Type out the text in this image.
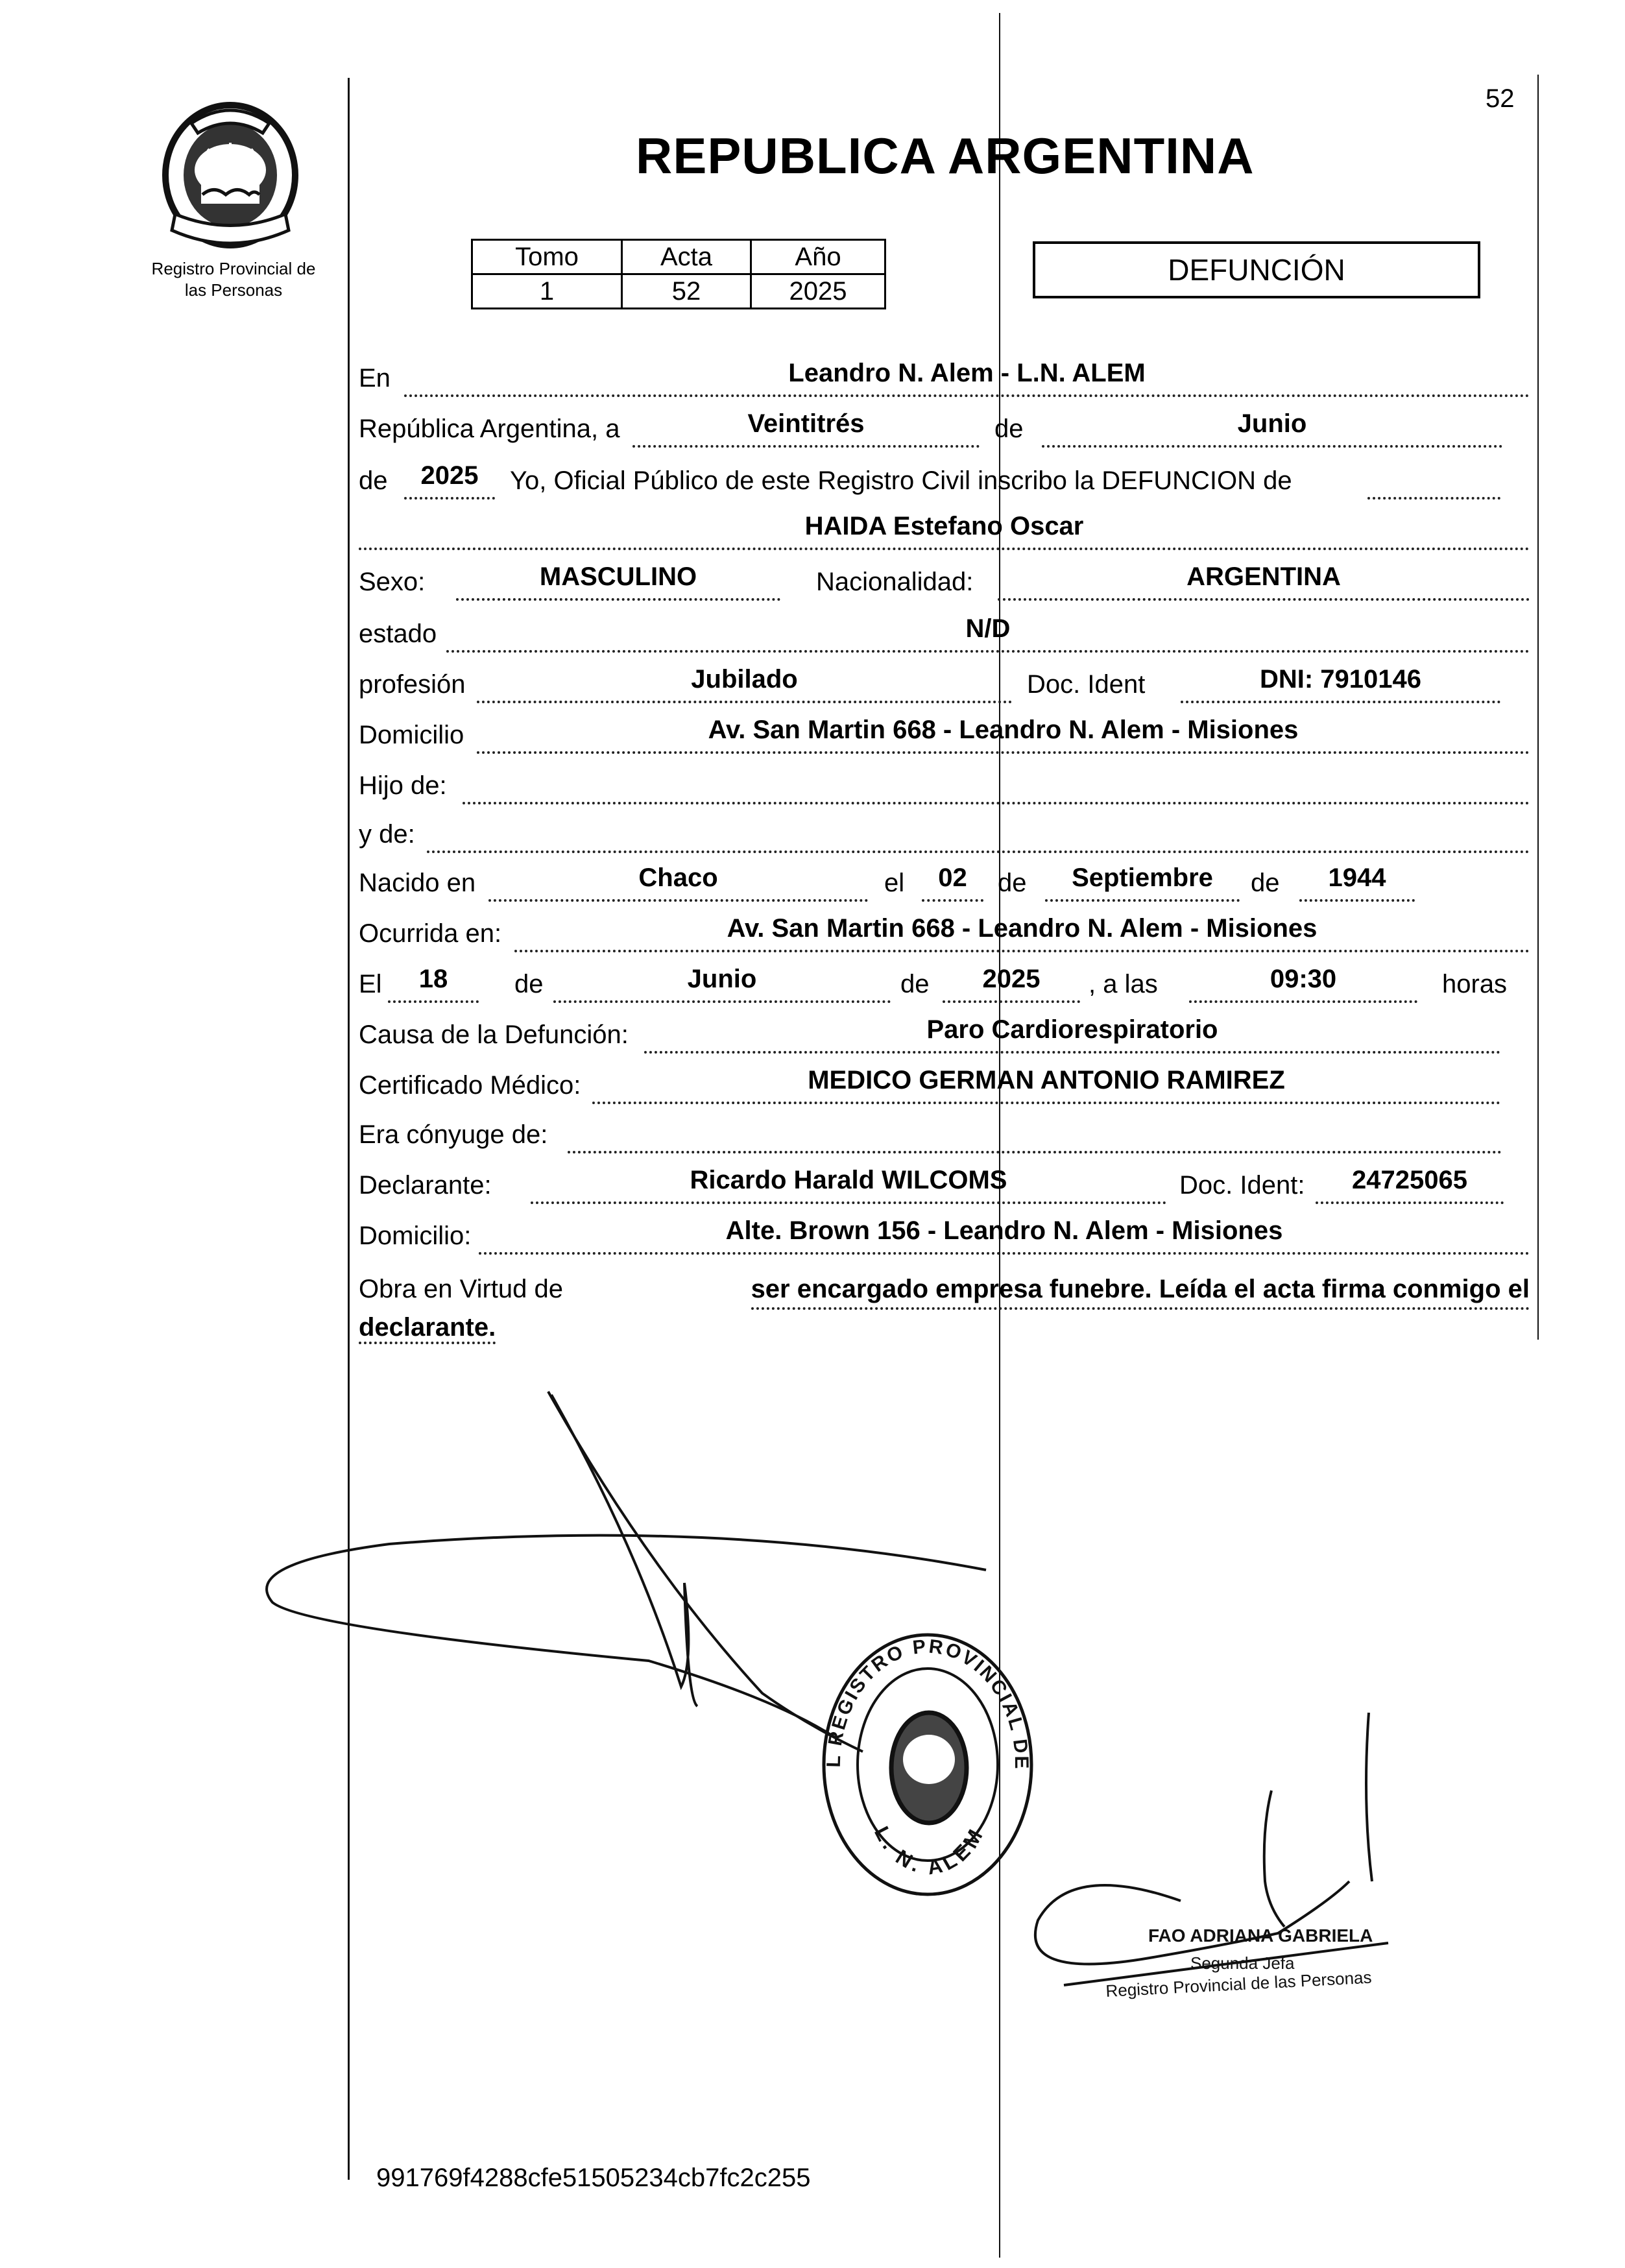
52
REPUBLICA ARGENTINA
Registro Provincial de
las Personas
Tomo	Acta	Año
1	52	2025
DEFUNCIÓN
En	Leandro N. Alem - L.N. ALEM
República Argentina, a	Veintitrés	de	Junio
de	2025	Yo, Oficial Público de este Registro Civil inscribo la DEFUNCION de
HAIDA Estefano Oscar
Sexo:	MASCULINO	Nacionalidad:	ARGENTINA
estado	N/D
profesión	Jubilado	Doc. Ident	DNI: 7910146
Domicilio	Av. San Martin 668 - Leandro N. Alem - Misiones
Hijo de:
y de:
Nacido en	Chaco	el	02	de	Septiembre	de	1944
Ocurrida en:	Av. San Martin 668 - Leandro N. Alem - Misiones
El	18	de	Junio	de	2025	, a las	09:30	horas
Causa de la Defunción:	Paro Cardiorespiratorio
Certificado Médico:	MEDICO GERMAN ANTONIO RAMIREZ
Era cónyuge de:
Declarante:	Ricardo Harald WILCOMS	Doc. Ident:	24725065
Domicilio:	Alte. Brown 156 - Leandro N. Alem - Misiones
Obra en Virtud de	ser encargado empresa funebre. Leída el acta firma conmigo el
declarante.
L REGISTRO PROVINCIAL DE
L. N. ALEM
FAO ADRIANA GABRIELA
Segunda Jefa
Registro Provincial de las Personas
991769f4288cfe51505234cb7fc2c255
